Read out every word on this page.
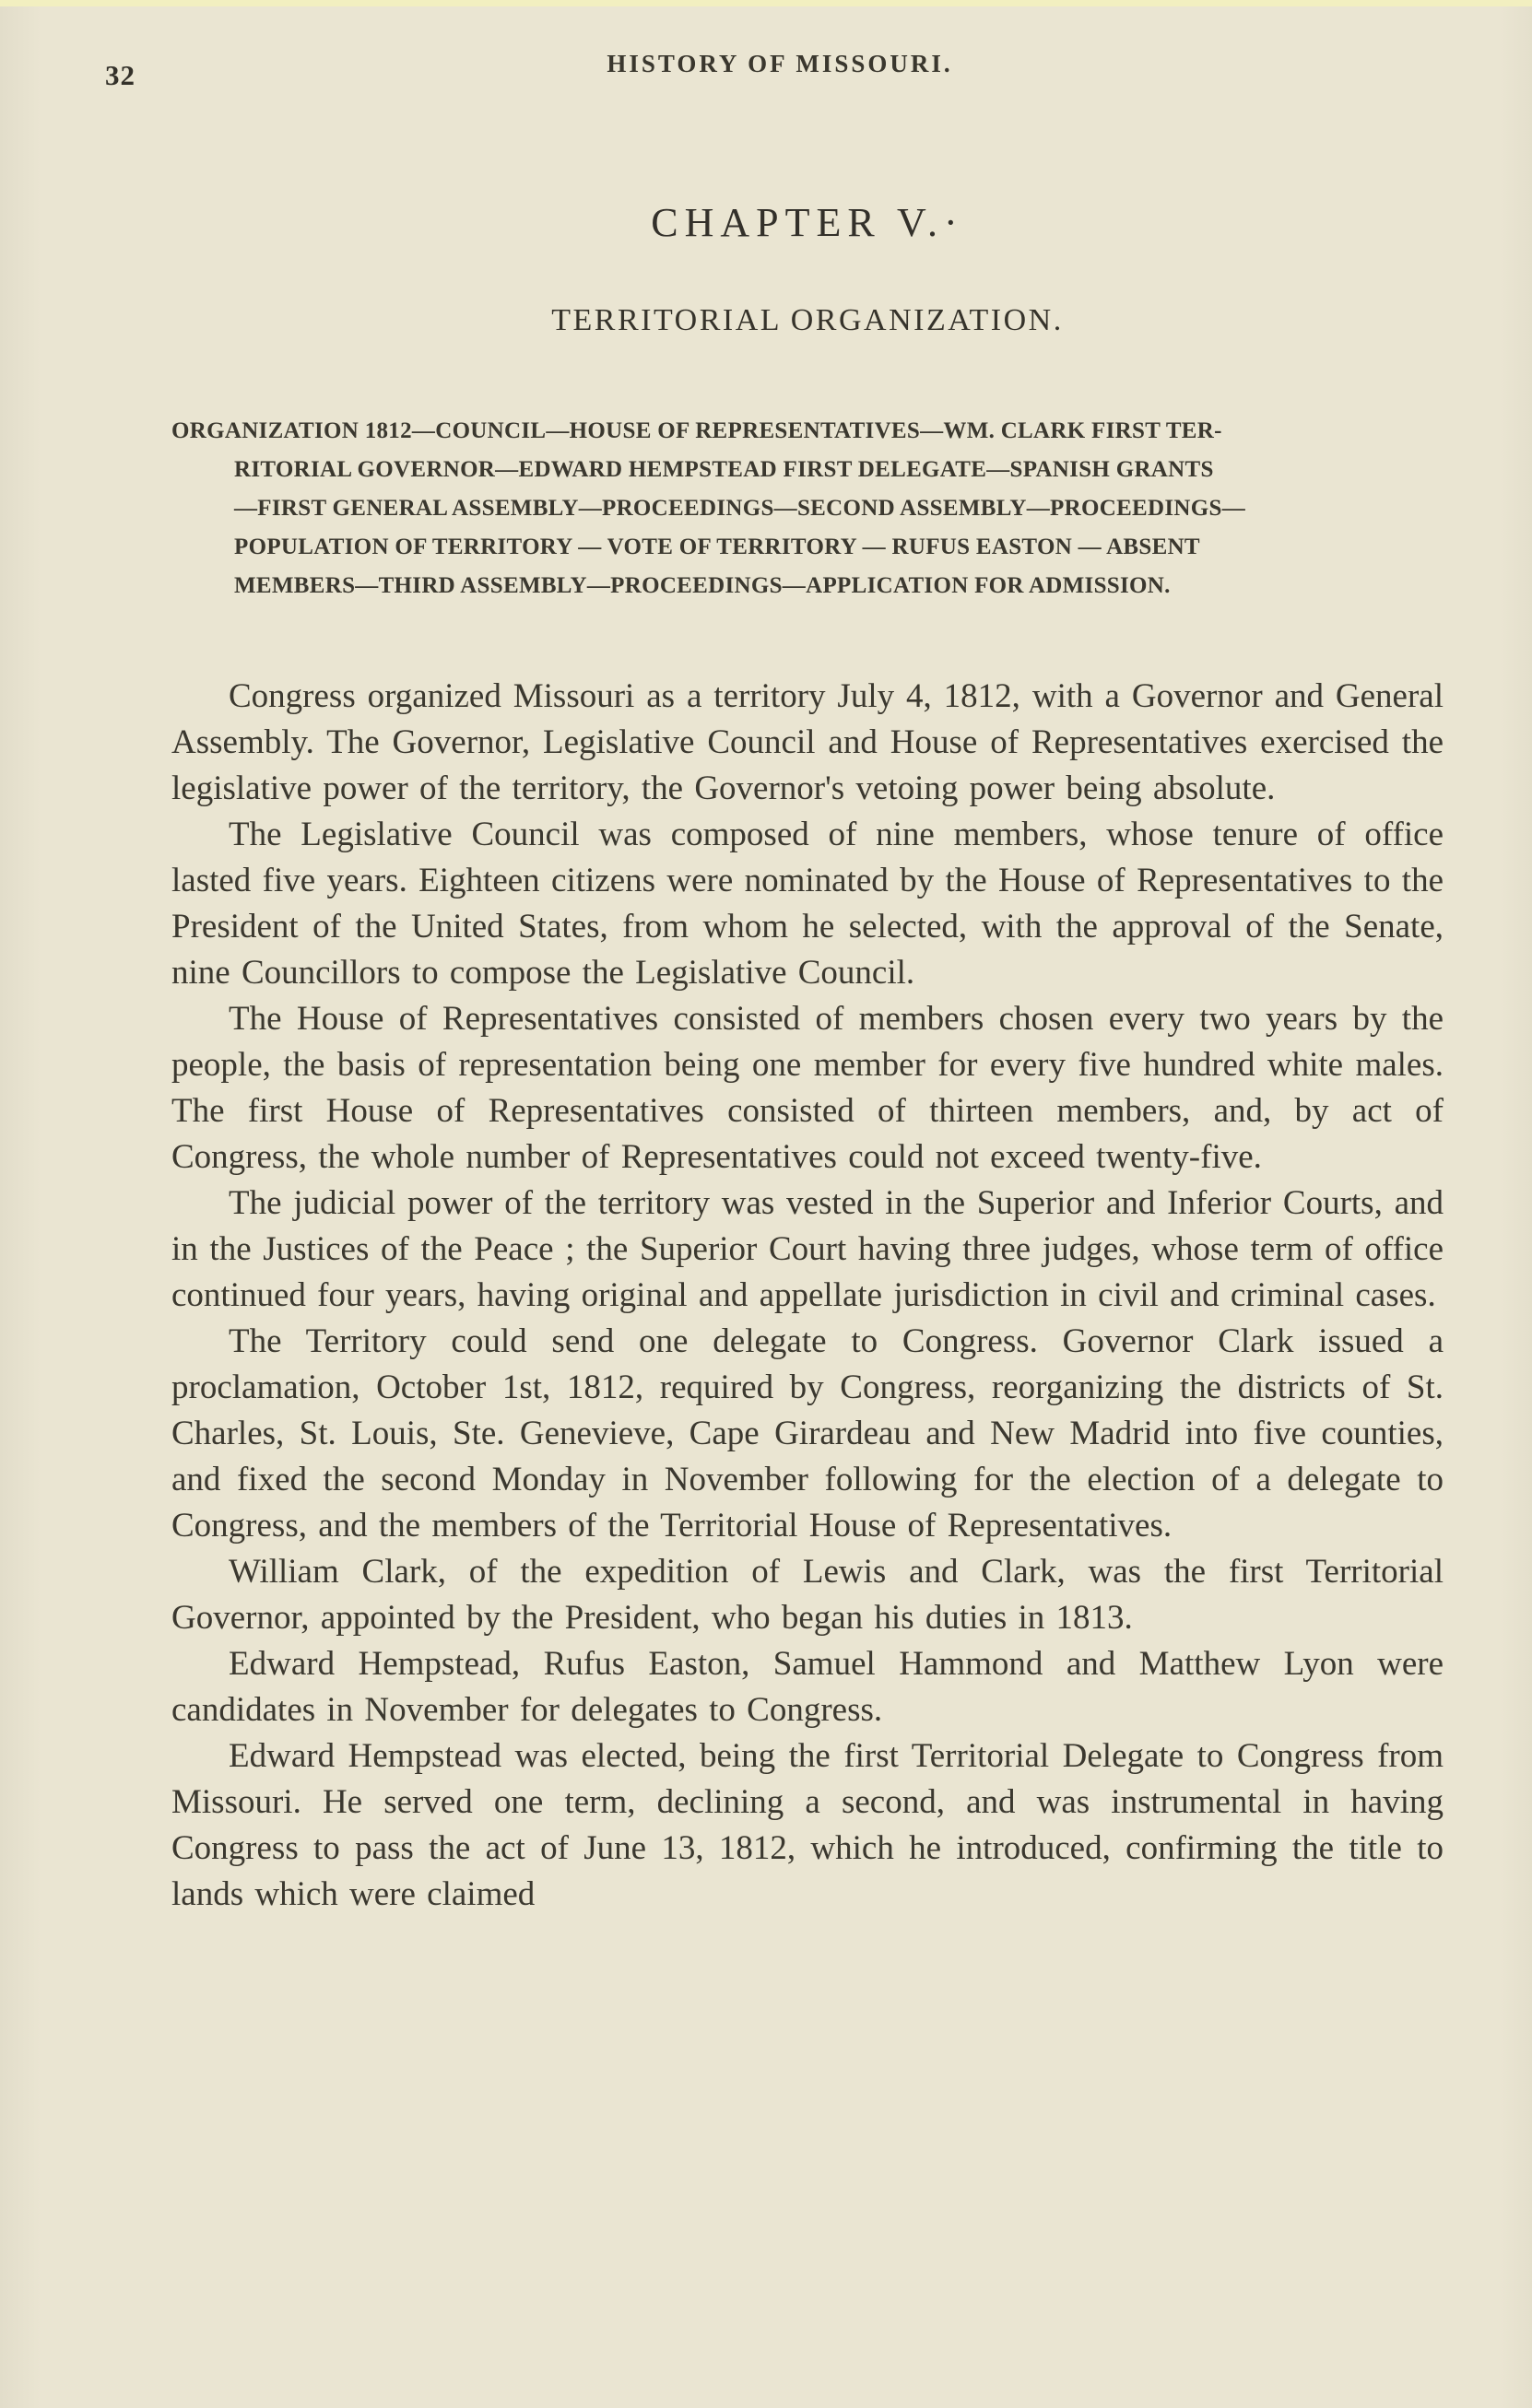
32	HISTORY OF MISSOURI.
CHAPTER V.·
TERRITORIAL ORGANIZATION.
ORGANIZATION 1812—COUNCIL—HOUSE OF REPRESENTATIVES—WM. CLARK FIRST TER-
RITORIAL GOVERNOR—EDWARD HEMPSTEAD FIRST DELEGATE—SPANISH GRANTS
—FIRST GENERAL ASSEMBLY—PROCEEDINGS—SECOND ASSEMBLY—PROCEEDINGS—
POPULATION OF TERRITORY — VOTE OF TERRITORY — RUFUS EASTON — ABSENT
MEMBERS—THIRD ASSEMBLY—PROCEEDINGS—APPLICATION FOR ADMISSION.

Congress organized Missouri as a territory July 4, 1812, with a Governor and General Assembly. The Governor, Legislative Council and House of Representatives exercised the legislative power of the territory, the Governor's vetoing power being absolute.

The Legislative Council was composed of nine members, whose tenure of office lasted five years. Eighteen citizens were nominated by the House of Representatives to the President of the United States, from whom he selected, with the approval of the Senate, nine Councillors to compose the Legislative Council.

The House of Representatives consisted of members chosen every two years by the people, the basis of representation being one member for every five hundred white males. The first House of Representatives consisted of thirteen members, and, by act of Congress, the whole number of Representatives could not exceed twenty-five.

The judicial power of the territory was vested in the Superior and Inferior Courts, and in the Justices of the Peace ; the Superior Court having three judges, whose term of office continued four years, having original and appellate jurisdiction in civil and criminal cases.

The Territory could send one delegate to Congress. Governor Clark issued a proclamation, October 1st, 1812, required by Congress, reorganizing the districts of St. Charles, St. Louis, Ste. Genevieve, Cape Girardeau and New Madrid into five counties, and fixed the second Monday in November following for the election of a delegate to Congress, and the members of the Territorial House of Representatives.

William Clark, of the expedition of Lewis and Clark, was the first Territorial Governor, appointed by the President, who began his duties in 1813.

Edward Hempstead, Rufus Easton, Samuel Hammond and Matthew Lyon were candidates in November for delegates to Congress.

Edward Hempstead was elected, being the first Territorial Delegate to Congress from Missouri. He served one term, declining a second, and was instrumental in having Congress to pass the act of June 13, 1812, which he introduced, confirming the title to lands which were claimed
